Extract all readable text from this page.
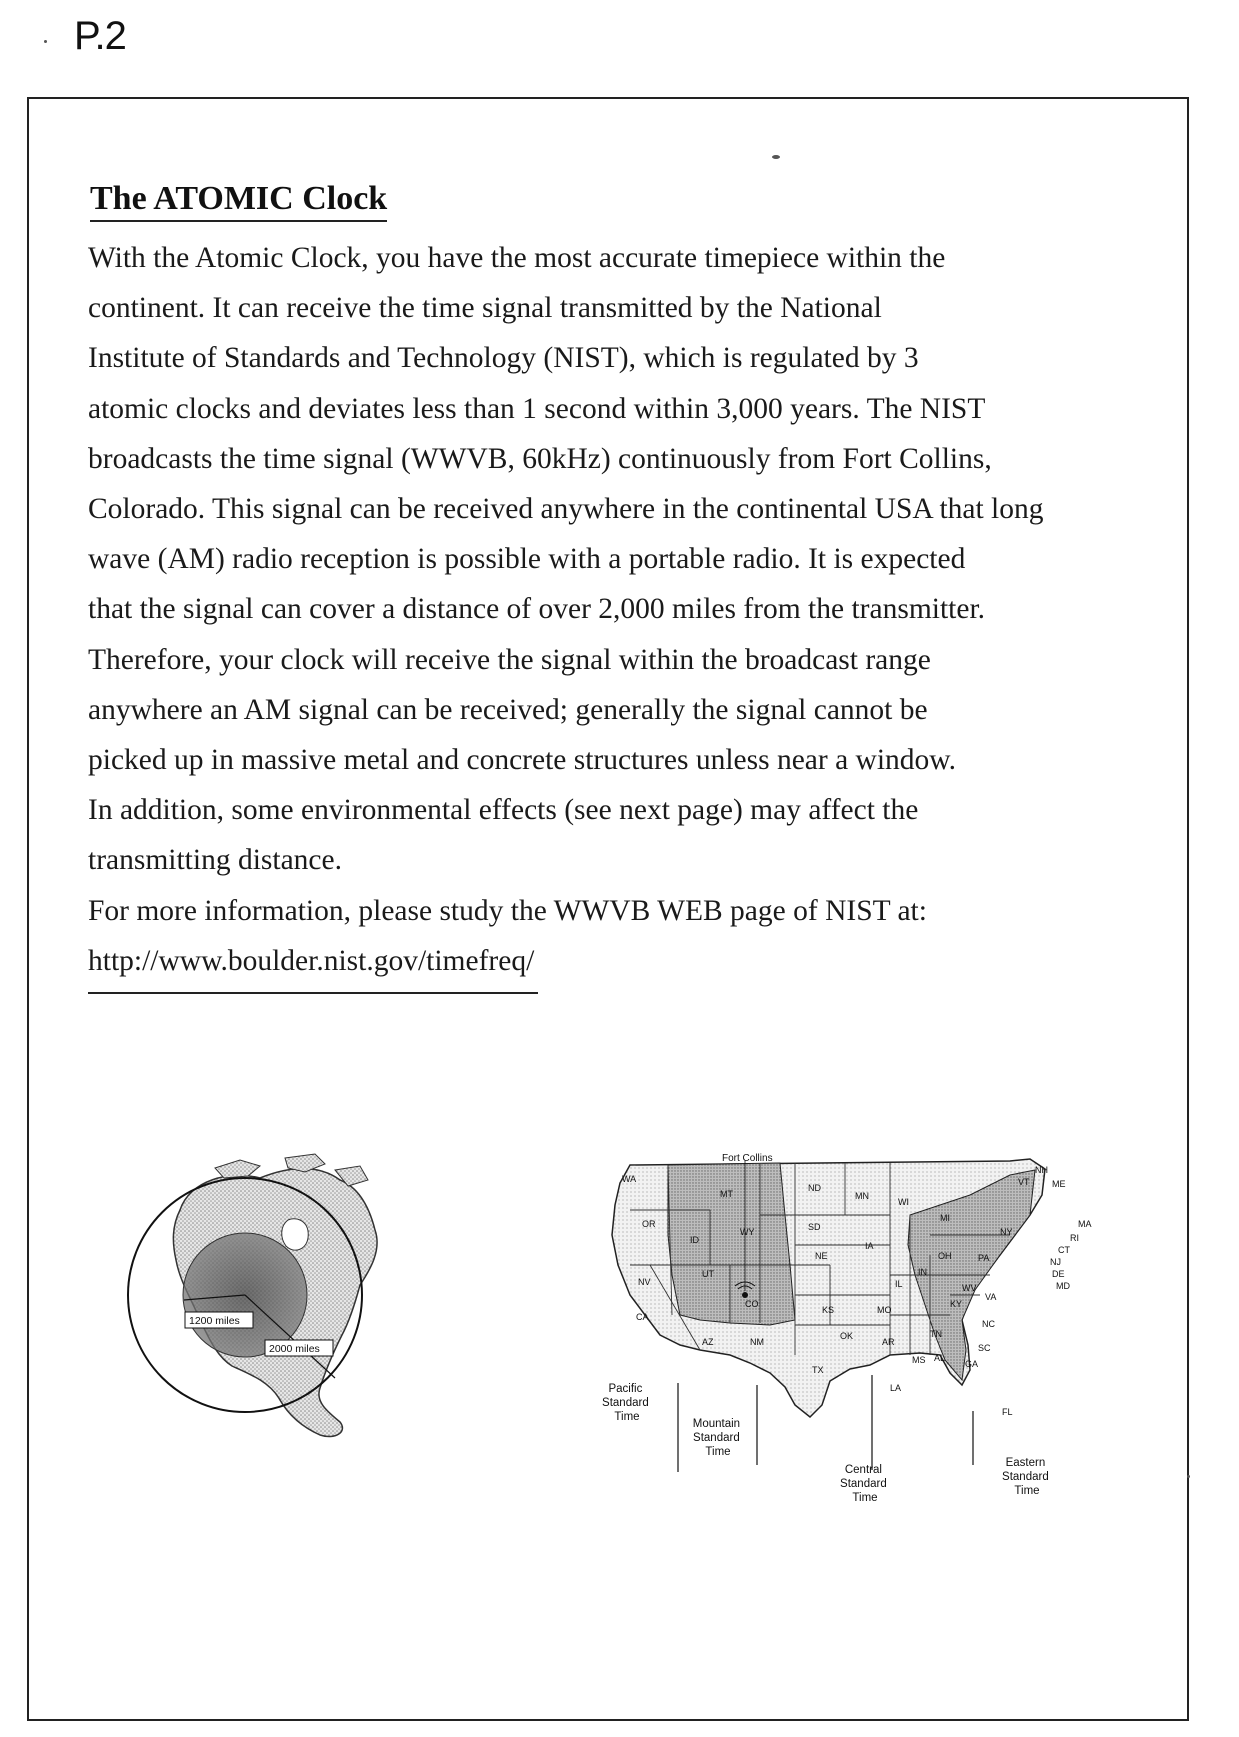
P.2
The ATOMIC Clock
With the Atomic Clock, you have the most accurate timepiece within the
continent. It can receive the time signal transmitted by the National
Institute of Standards and Technology (NIST), which is regulated by 3
atomic clocks and deviates less than 1 second within 3,000 years. The NIST
broadcasts the time signal (WWVB, 60kHz) continuously from Fort Collins,
Colorado. This signal can be received anywhere in the continental USA that long
wave (AM) radio reception is possible with a portable radio. It is expected
that the signal can cover a distance of over 2,000 miles from the transmitter.
Therefore, your clock will receive the signal within the broadcast range
anywhere an AM signal can be received; generally the signal cannot be
picked up in massive metal and concrete structures unless near a window.
In addition, some environmental effects (see next page) may affect the
transmitting distance.
For more information, please study the WWVB WEB page of NIST at:
http://www.boulder.nist.gov/timefreq/
1200 miles
2000 miles
Fort Collins
WA
OR
ID
MT
ND
MN
SD
WY
NV
UT
CO
NE
IA
WI
MI
IL
IN
OH
KS	MO
CA
AZ	NM
OK
AR
TX
LA
MS AL
TN
KY
GA
SC
NC
VA
WV
PA
NY
FL
VT
NH
ME
MA
RI
CT
NJ
DE
MD
Pacific Standard Time
Mountain Standard Time
Central Standard Time
Eastern Standard Time
